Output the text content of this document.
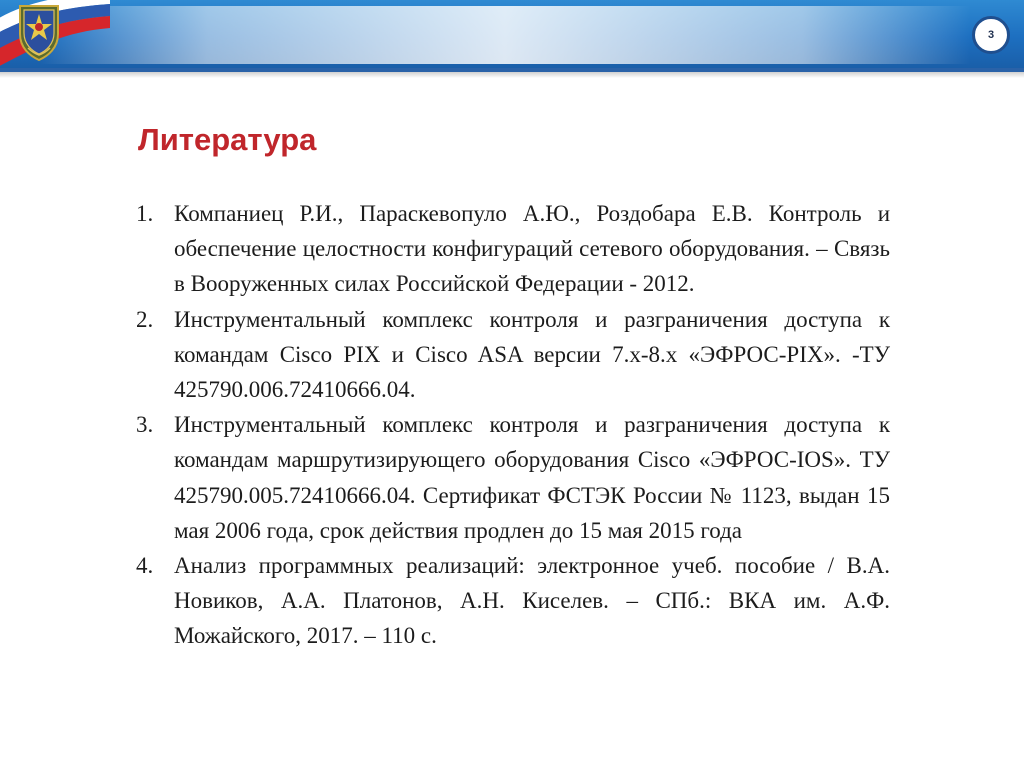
3
Литература
1. Компаниец Р.И., Параскевопуло А.Ю., Роздобара Е.В. Контроль и обеспечение целостности конфигураций сетевого оборудования. – Связь в Вооруженных силах Российской Федерации - 2012.
2. Инструментальный комплекс контроля и разграничения доступа к командам Cisco PIX и Cisco ASA версии 7.x-8.x «ЭФРОС-PIX». -ТУ 425790.006.72410666.04.
3. Инструментальный комплекс контроля и разграничения доступа к командам маршрутизирующего оборудования Cisco «ЭФРОС-IOS». ТУ 425790.005.72410666.04. Сертификат ФСТЭК России № 1123, выдан 15 мая 2006 года, срок действия продлен до 15 мая 2015 года
4. Анализ программных реализаций: электронное учеб. пособие / В.А. Новиков, А.А. Платонов, А.Н. Киселев. – СПб.: ВКА им. А.Ф. Можайского, 2017. – 110 с.
